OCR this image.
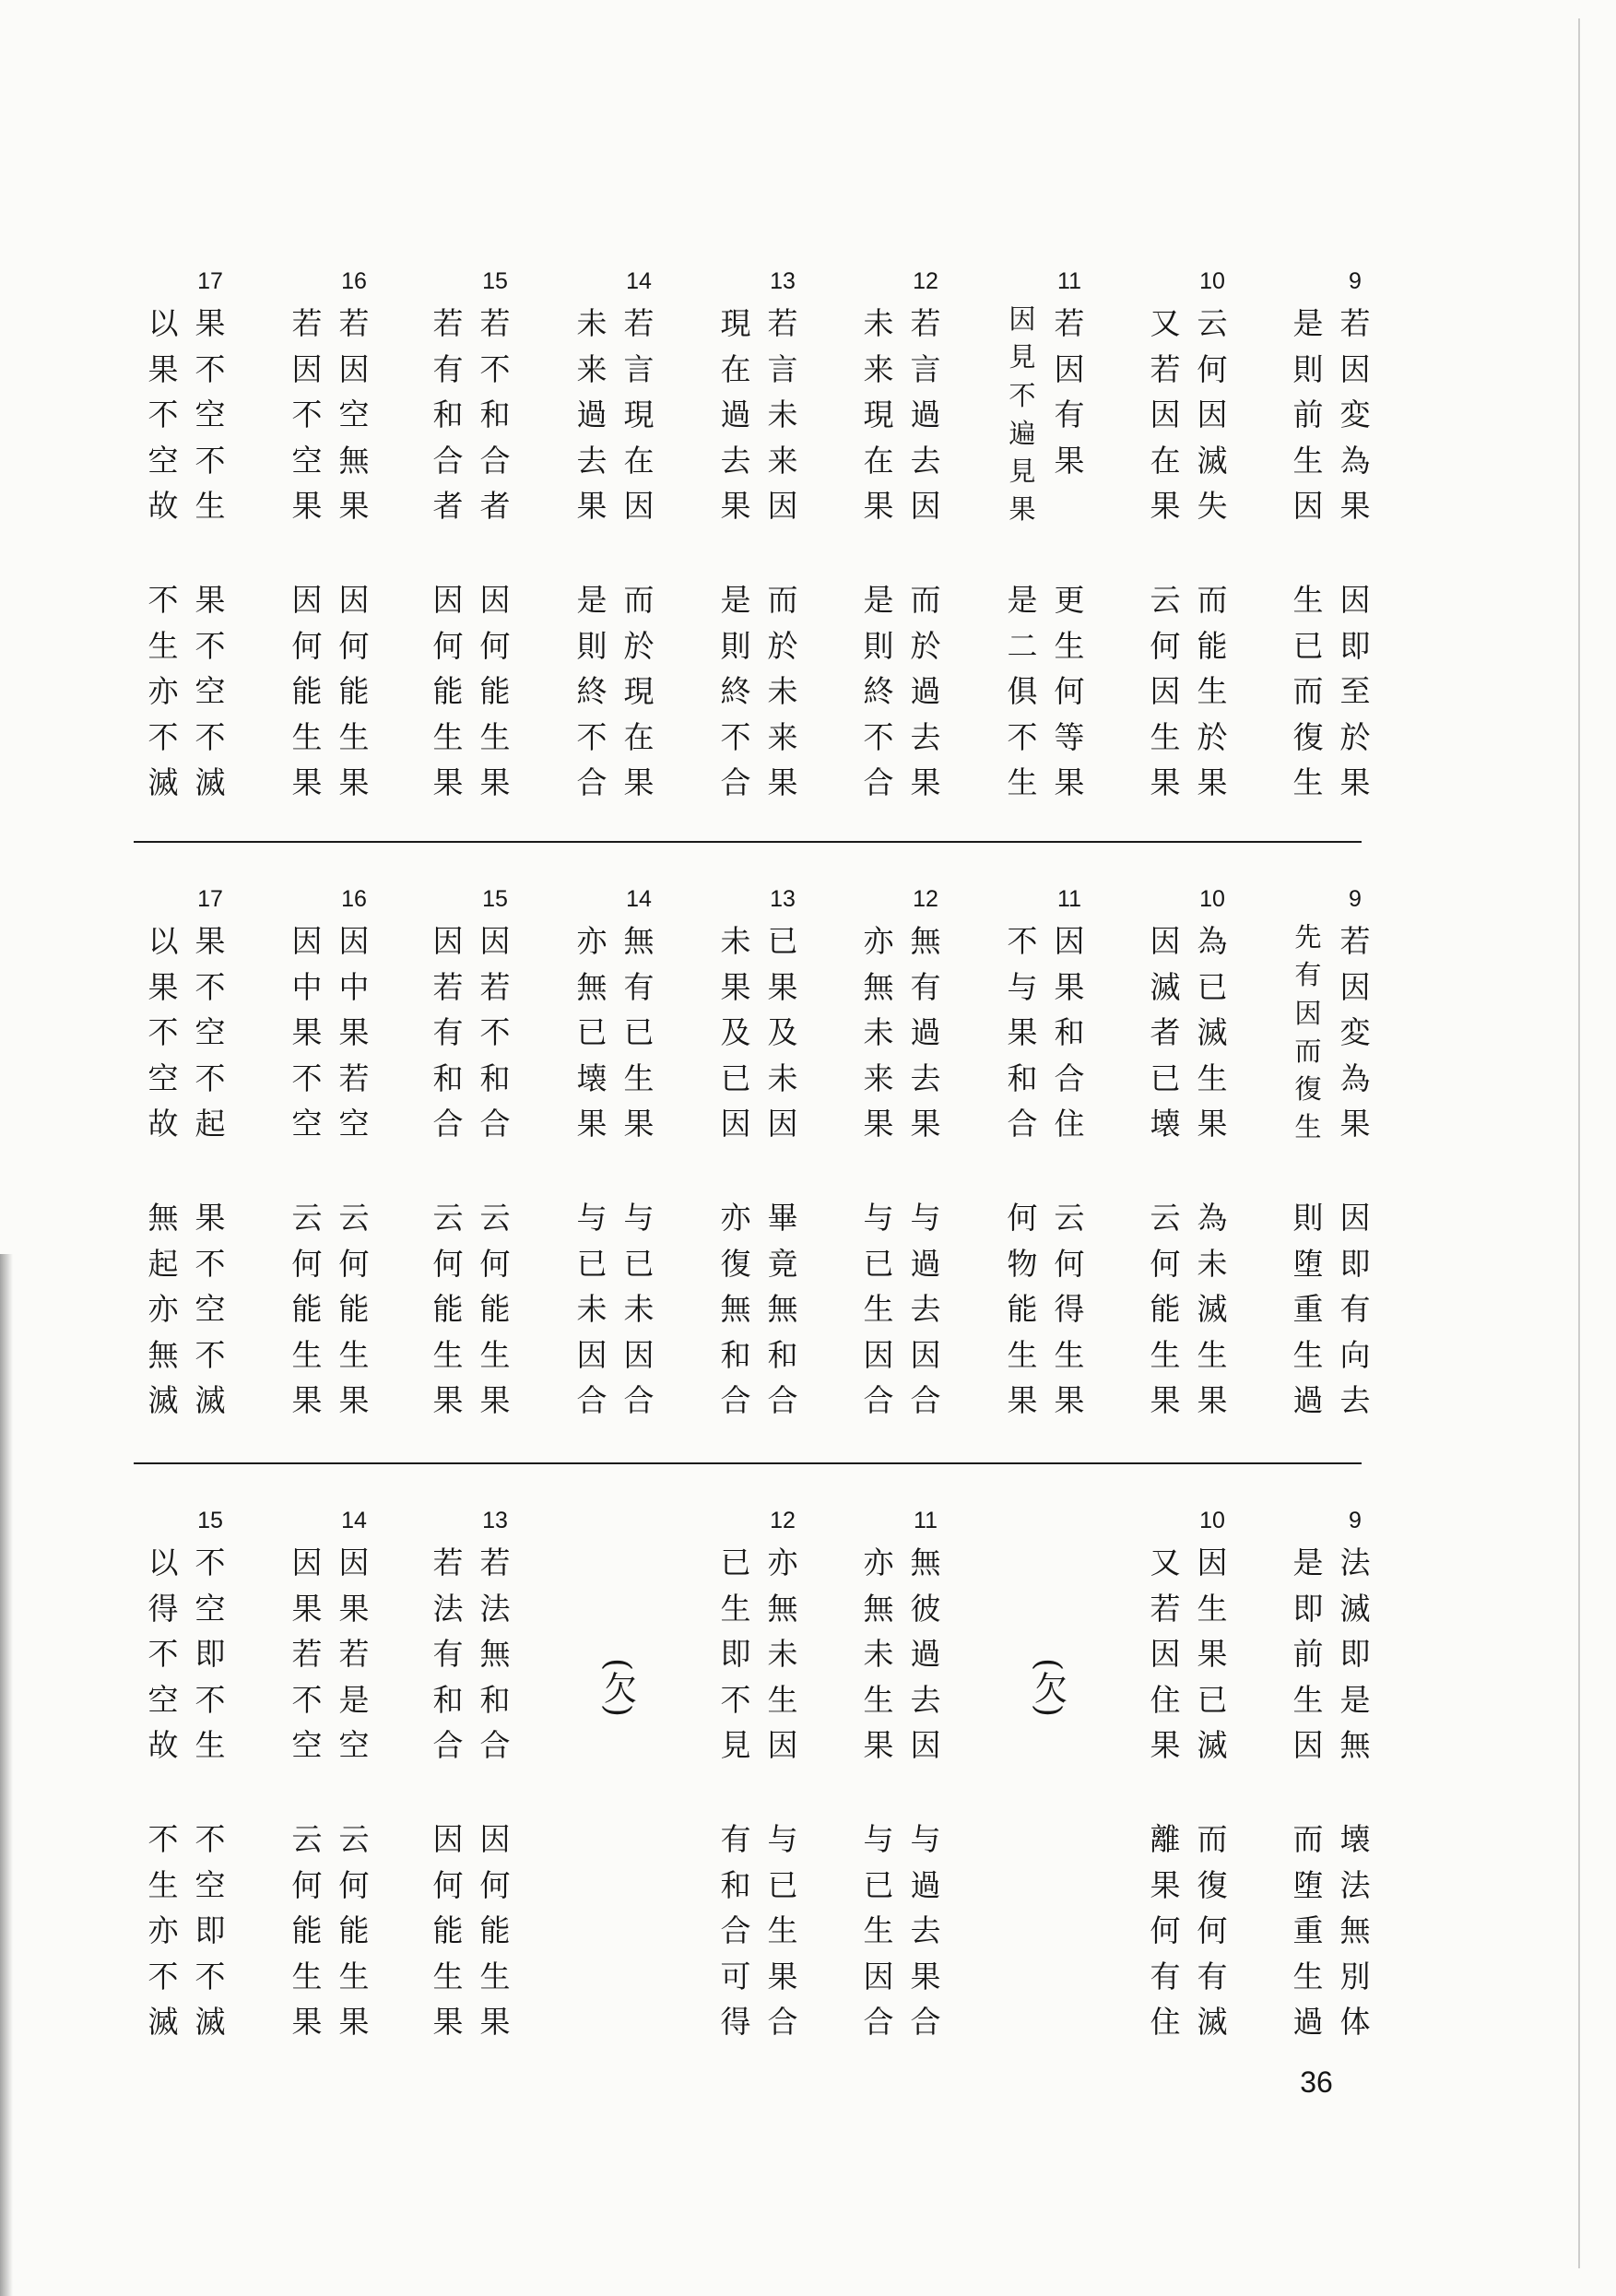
9
若因変為果
因即至於果
是則前生因
生已而復生
10
云何因滅失
而能生於果
又若因在果
云何因生果
11
若因有果
更生何等果
因見不遍見果
是二俱不生
12
若言過去因
而於過去果
未来現在果
是則終不合
13
若言未来因
而於未来果
現在過去果
是則終不合
14
若言現在因
而於現在果
未来過去果
是則終不合
15
若不和合者
因何能生果
若有和合者
因何能生果
16
若因空無果
因何能生果
若因不空果
因何能生果
17
果不空不生
果不空不滅
以果不空故
不生亦不滅
9
若因変為果
因即有向去
先有因而復生
則堕重生過
10
為已滅生果
為未滅生果
因滅者已壊
云何能生果
11
因果和合住
云何得生果
不与果和合
何物能生果
12
無有過去果
与過去因合
亦無未来果
与已生因合
13
已果及未因
畢竟無和合
未果及已因
亦復無和合
14
無有已生果
与已未因合
亦無已壊果
与已未因合
15
因若不和合
云何能生果
因若有和合
云何能生果
16
因中果若空
云何能生果
因中果不空
云何能生果
17
果不空不起
果不空不滅
以果不空故
無起亦無滅
9
法滅即是無
壊法無別体
是即前生因
而堕重生過
10
因生果已滅
而復何有滅
又若因住果
離果何有住
(欠)
11
無彼過去因
与過去果合
亦無未生果
与已生因合
12
亦無未生因
与已生果合
已生即不見
有和合可得
(欠)
13
若法無和合
因何能生果
若法有和合
因何能生果
14
因果若是空
云何能生果
因果若不空
云何能生果
15
不空即不生
不空即不滅
以得不空故
不生亦不滅
36
